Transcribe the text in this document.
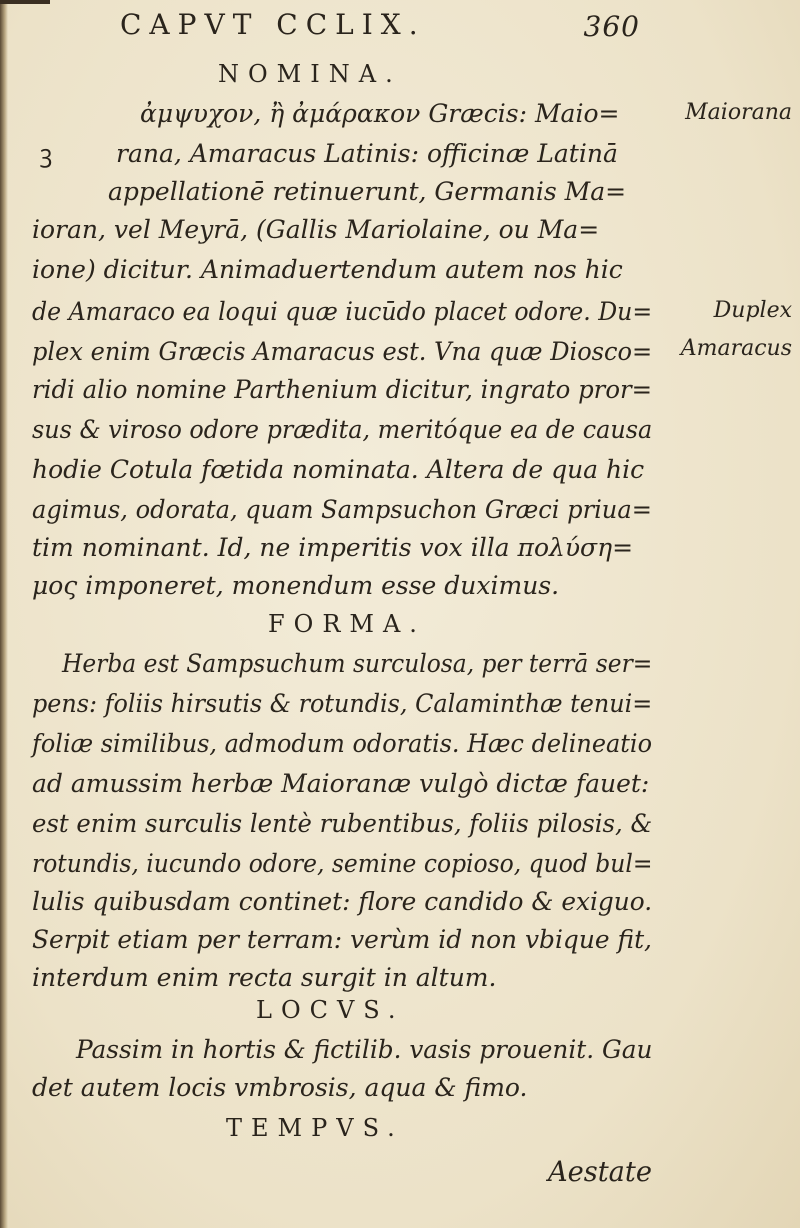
CAPVT CCLIX.	360
NOMINA.
ἀμψυχον, ἢ ἀμάρακον Græcis: Maio=
ꝫ	rana, Amaracus Latinis: officinæ Latinā
appellationē retinuerunt, Germanis Ma=
ioran, vel Meyrā, (Gallis Mariolaine, ou Ma=
ione) dicitur. Animaduertendum autem nos hic
de Amaraco ea loqui quæ iucūdo placet odore. Du=
plex enim Græcis Amaracus est. Vna quæ Diosco=
ridi alio nomine Parthenium dicitur, ingrato pror=
sus & viroso odore prædita, meritóque ea de causa
hodie Cotula fœtida nominata. Altera de qua hic
agimus, odorata, quam Sampsuchon Græci priua=
tim nominant. Id, ne imperitis vox illa πολύση=
μος imponeret, monendum esse duximus.
FORMA.
Herba est Sampsuchum surculosa, per terrā ser=
pens: foliis hirsutis & rotundis, Calaminthæ tenui=
foliæ similibus, admodum odoratis. Hæc delineatio
ad amussim herbæ Maioranæ vulgò dictæ fauet:
est enim surculis lentè rubentibus, foliis pilosis, &
rotundis, iucundo odore, semine copioso, quod bul=
lulis quibusdam continet: flore candido & exiguo.
Serpit etiam per terram: verùm id non vbique fit,
interdum enim recta surgit in altum.
LOCVS.
Passim in hortis & fictilib. vasis prouenit. Gau
det autem locis vmbrosis, aqua & fimo.
TEMPVS.
Aestate
Maiorana
Duplex
Amaracus
